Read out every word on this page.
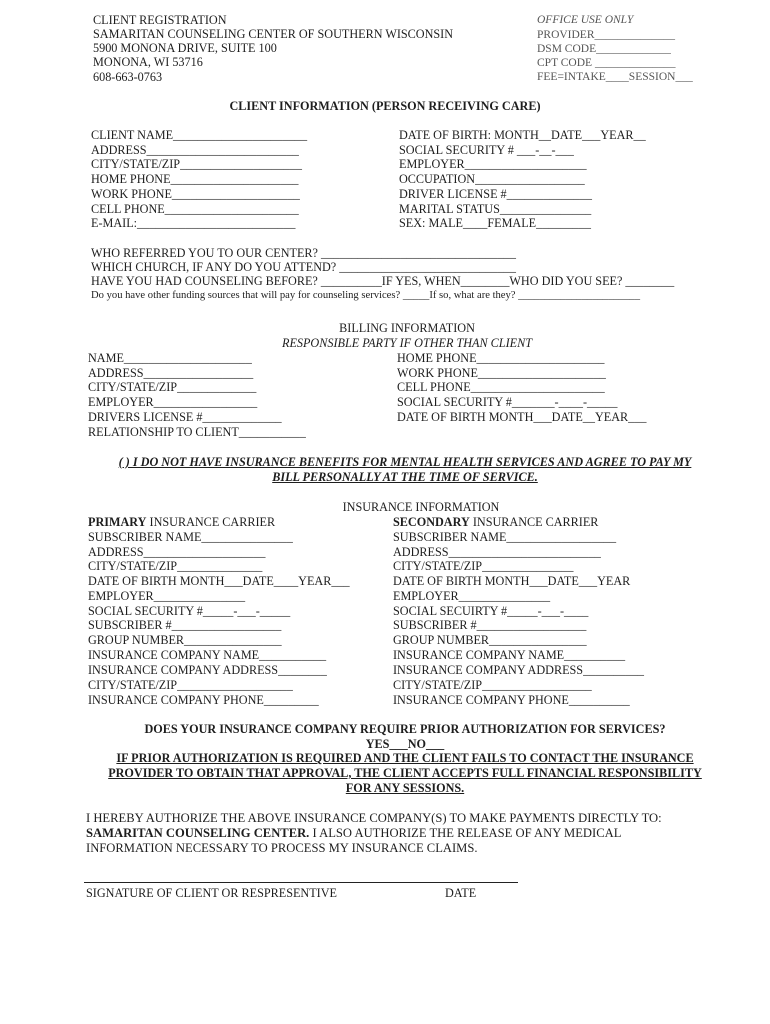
CLIENT REGISTRATION
SAMARITAN COUNSELING CENTER OF SOUTHERN WISCONSIN
5900 MONONA DRIVE, SUITE 100
MONONA, WI 53716
608-663-0763
OFFICE USE ONLY
PROVIDER______________
DSM CODE_____________
CPT CODE ______________
FEE=INTAKE____SESSION___
CLIENT INFORMATION (PERSON RECEIVING CARE)
CLIENT NAME______________________
ADDRESS_________________________
CITY/STATE/ZIP____________________
HOME PHONE_____________________
WORK PHONE_____________________
CELL PHONE______________________
E-MAIL:__________________________
DATE OF BIRTH: MONTH__DATE___YEAR__
SOCIAL SECURITY # ___-__-___
EMPLOYER____________________
OCCUPATION__________________
DRIVER LICENSE #______________
MARITAL STATUS_______________
SEX: MALE____FEMALE_________
WHO REFERRED YOU TO OUR CENTER? ________________________________
WHICH CHURCH, IF ANY DO YOU ATTEND? _____________________________
HAVE YOU HAD COUNSELING BEFORE? __________IF YES, WHEN________WHO DID YOU SEE? ________
Do you have other funding sources that will pay for counseling services? _____If so, what are they? _______________________
BILLING INFORMATION
RESPONSIBLE PARTY IF OTHER THAN CLIENT
NAME_____________________
ADDRESS__________________
CITY/STATE/ZIP_____________
EMPLOYER_________________
DRIVERS LICENSE #_____________
RELATIONSHIP TO CLIENT___________
HOME PHONE_____________________
WORK PHONE_____________________
CELL PHONE______________________
SOCIAL SECURITY #_______-____-_____
DATE OF BIRTH MONTH___DATE__YEAR___
( ) I DO NOT HAVE INSURANCE BENEFITS FOR MENTAL HEALTH SERVICES AND AGREE TO PAY MY
BILL PERSONALLY AT THE TIME OF SERVICE.
INSURANCE INFORMATION
PRIMARY INSURANCE CARRIER	SECONDARY INSURANCE CARRIER
SUBSCRIBER NAME_______________
ADDRESS____________________
CITY/STATE/ZIP______________
DATE OF BIRTH MONTH___DATE____YEAR___
EMPLOYER_______________
SOCIAL SECURITY #_____-___-_____
SUBSCRIBER #__________________
GROUP NUMBER________________
INSURANCE COMPANY NAME___________
INSURANCE COMPANY ADDRESS________
CITY/STATE/ZIP___________________
INSURANCE COMPANY PHONE_________
SUBSCRIBER NAME__________________
ADDRESS_________________________
CITY/STATE/ZIP_______________
DATE OF BIRTH MONTH___DATE___YEAR
EMPLOYER_______________
SOCIAL SECUIRTY #_____-___-____
SUBSCRIBER #__________________
GROUP NUMBER________________
INSURANCE COMPANY NAME__________
INSURANCE COMPANY ADDRESS__________
CITY/STATE/ZIP__________________
INSURANCE COMPANY PHONE__________
DOES YOUR INSURANCE COMPANY REQUIRE PRIOR AUTHORIZATION FOR SERVICES?
YES___NO___
IF PRIOR AUTHORIZATION IS REQUIRED AND THE CLIENT FAILS TO CONTACT THE INSURANCE
PROVIDER TO OBTAIN THAT APPROVAL, THE CLIENT ACCEPTS FULL FINANCIAL RESPONSIBILITY
FOR ANY SESSIONS.
I HEREBY AUTHORIZE THE ABOVE INSURANCE COMPANY(S) TO MAKE PAYMENTS DIRECTLY TO:
SAMARITAN COUNSELING CENTER. I ALSO AUTHORIZE THE RELEASE OF ANY MEDICAL
INFORMATION NECESSARY TO PROCESS MY INSURANCE CLAIMS.
SIGNATURE OF CLIENT OR RESPRESENTIVE	DATE
